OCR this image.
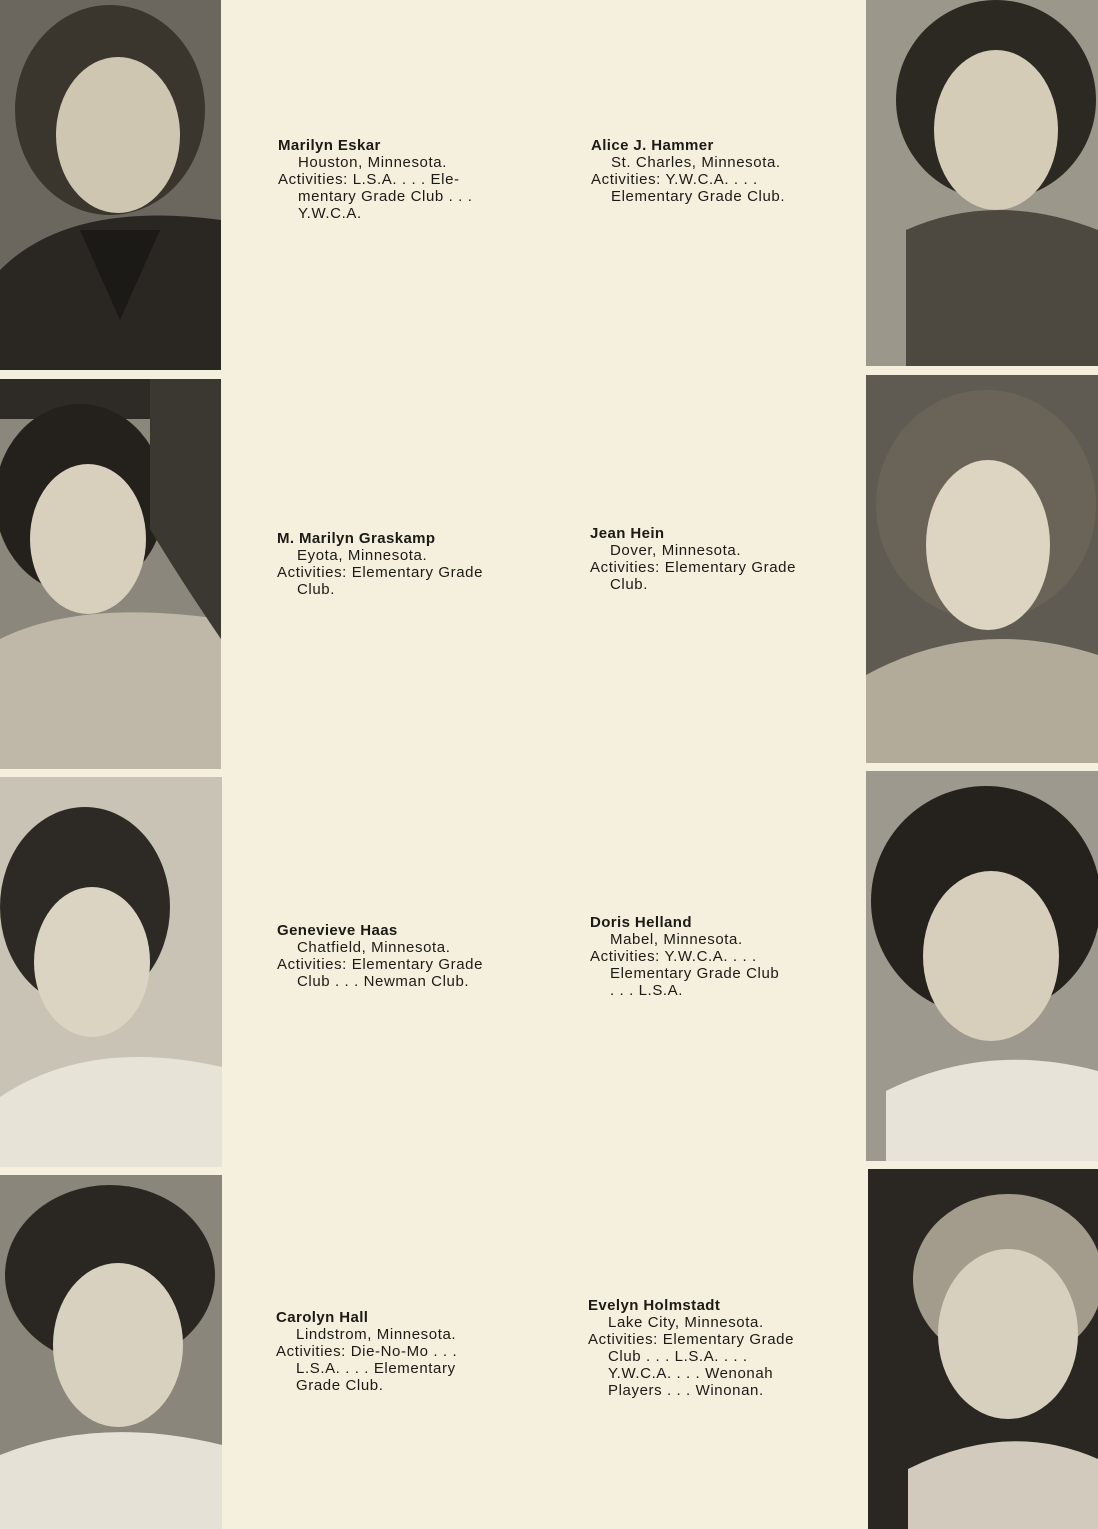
Marilyn Eskar
Houston, Minnesota.
Activities: L.S.A. . . . Ele-
mentary Grade Club . . .
Y.W.C.A.
M. Marilyn Graskamp
Eyota, Minnesota.
Activities: Elementary Grade
Club.
Genevieve Haas
Chatfield, Minnesota.
Activities: Elementary Grade
Club . . . Newman Club.
Carolyn Hall
Lindstrom, Minnesota.
Activities: Die-No-Mo . . .
L.S.A. . . . Elementary
Grade Club.
Alice J. Hammer
St. Charles, Minnesota.
Activities: Y.W.C.A. . . .
Elementary Grade Club.
Jean Hein
Dover, Minnesota.
Activities: Elementary Grade
Club.
Doris Helland
Mabel, Minnesota.
Activities: Y.W.C.A. . . .
Elementary Grade Club
. . . L.S.A.
Evelyn Holmstadt
Lake City, Minnesota.
Activities: Elementary Grade
Club . . . L.S.A. . . .
Y.W.C.A. . . . Wenonah
Players . . . Winonan.
